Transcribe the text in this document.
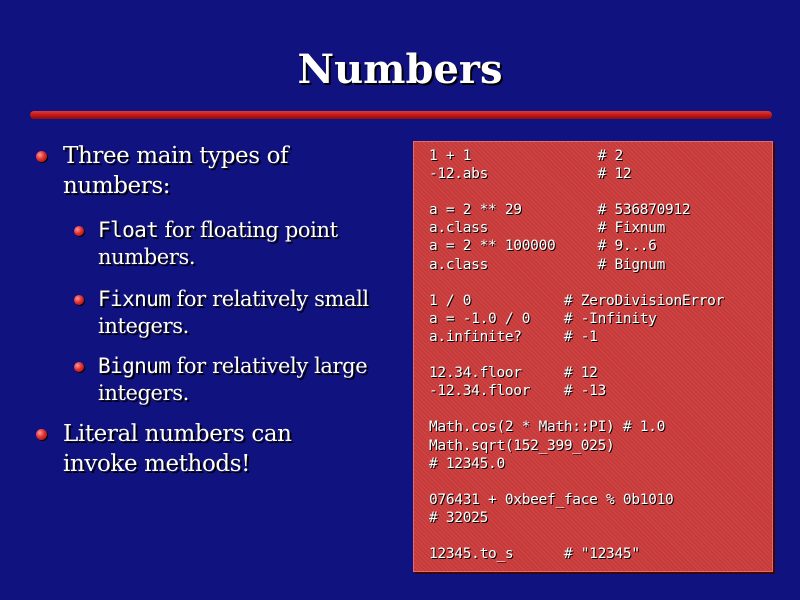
Numbers
Three main types of numbers:
Float for floating point numbers.
Fixnum for relatively small integers.
Bignum for relatively large integers.
Literal numbers can invoke methods!
1 + 1               # 2
-12.abs             # 12

a = 2 ** 29         # 536870912
a.class             # Fixnum
a = 2 ** 100000     # 9...6
a.class             # Bignum

1 / 0           # ZeroDivisionError
a = -1.0 / 0    # -Infinity
a.infinite?     # -1

12.34.floor     # 12
-12.34.floor    # -13

Math.cos(2 * Math::PI) # 1.0
Math.sqrt(152_399_025)
# 12345.0

076431 + 0xbeef_face % 0b1010
# 32025

12345.to_s      # "12345"
